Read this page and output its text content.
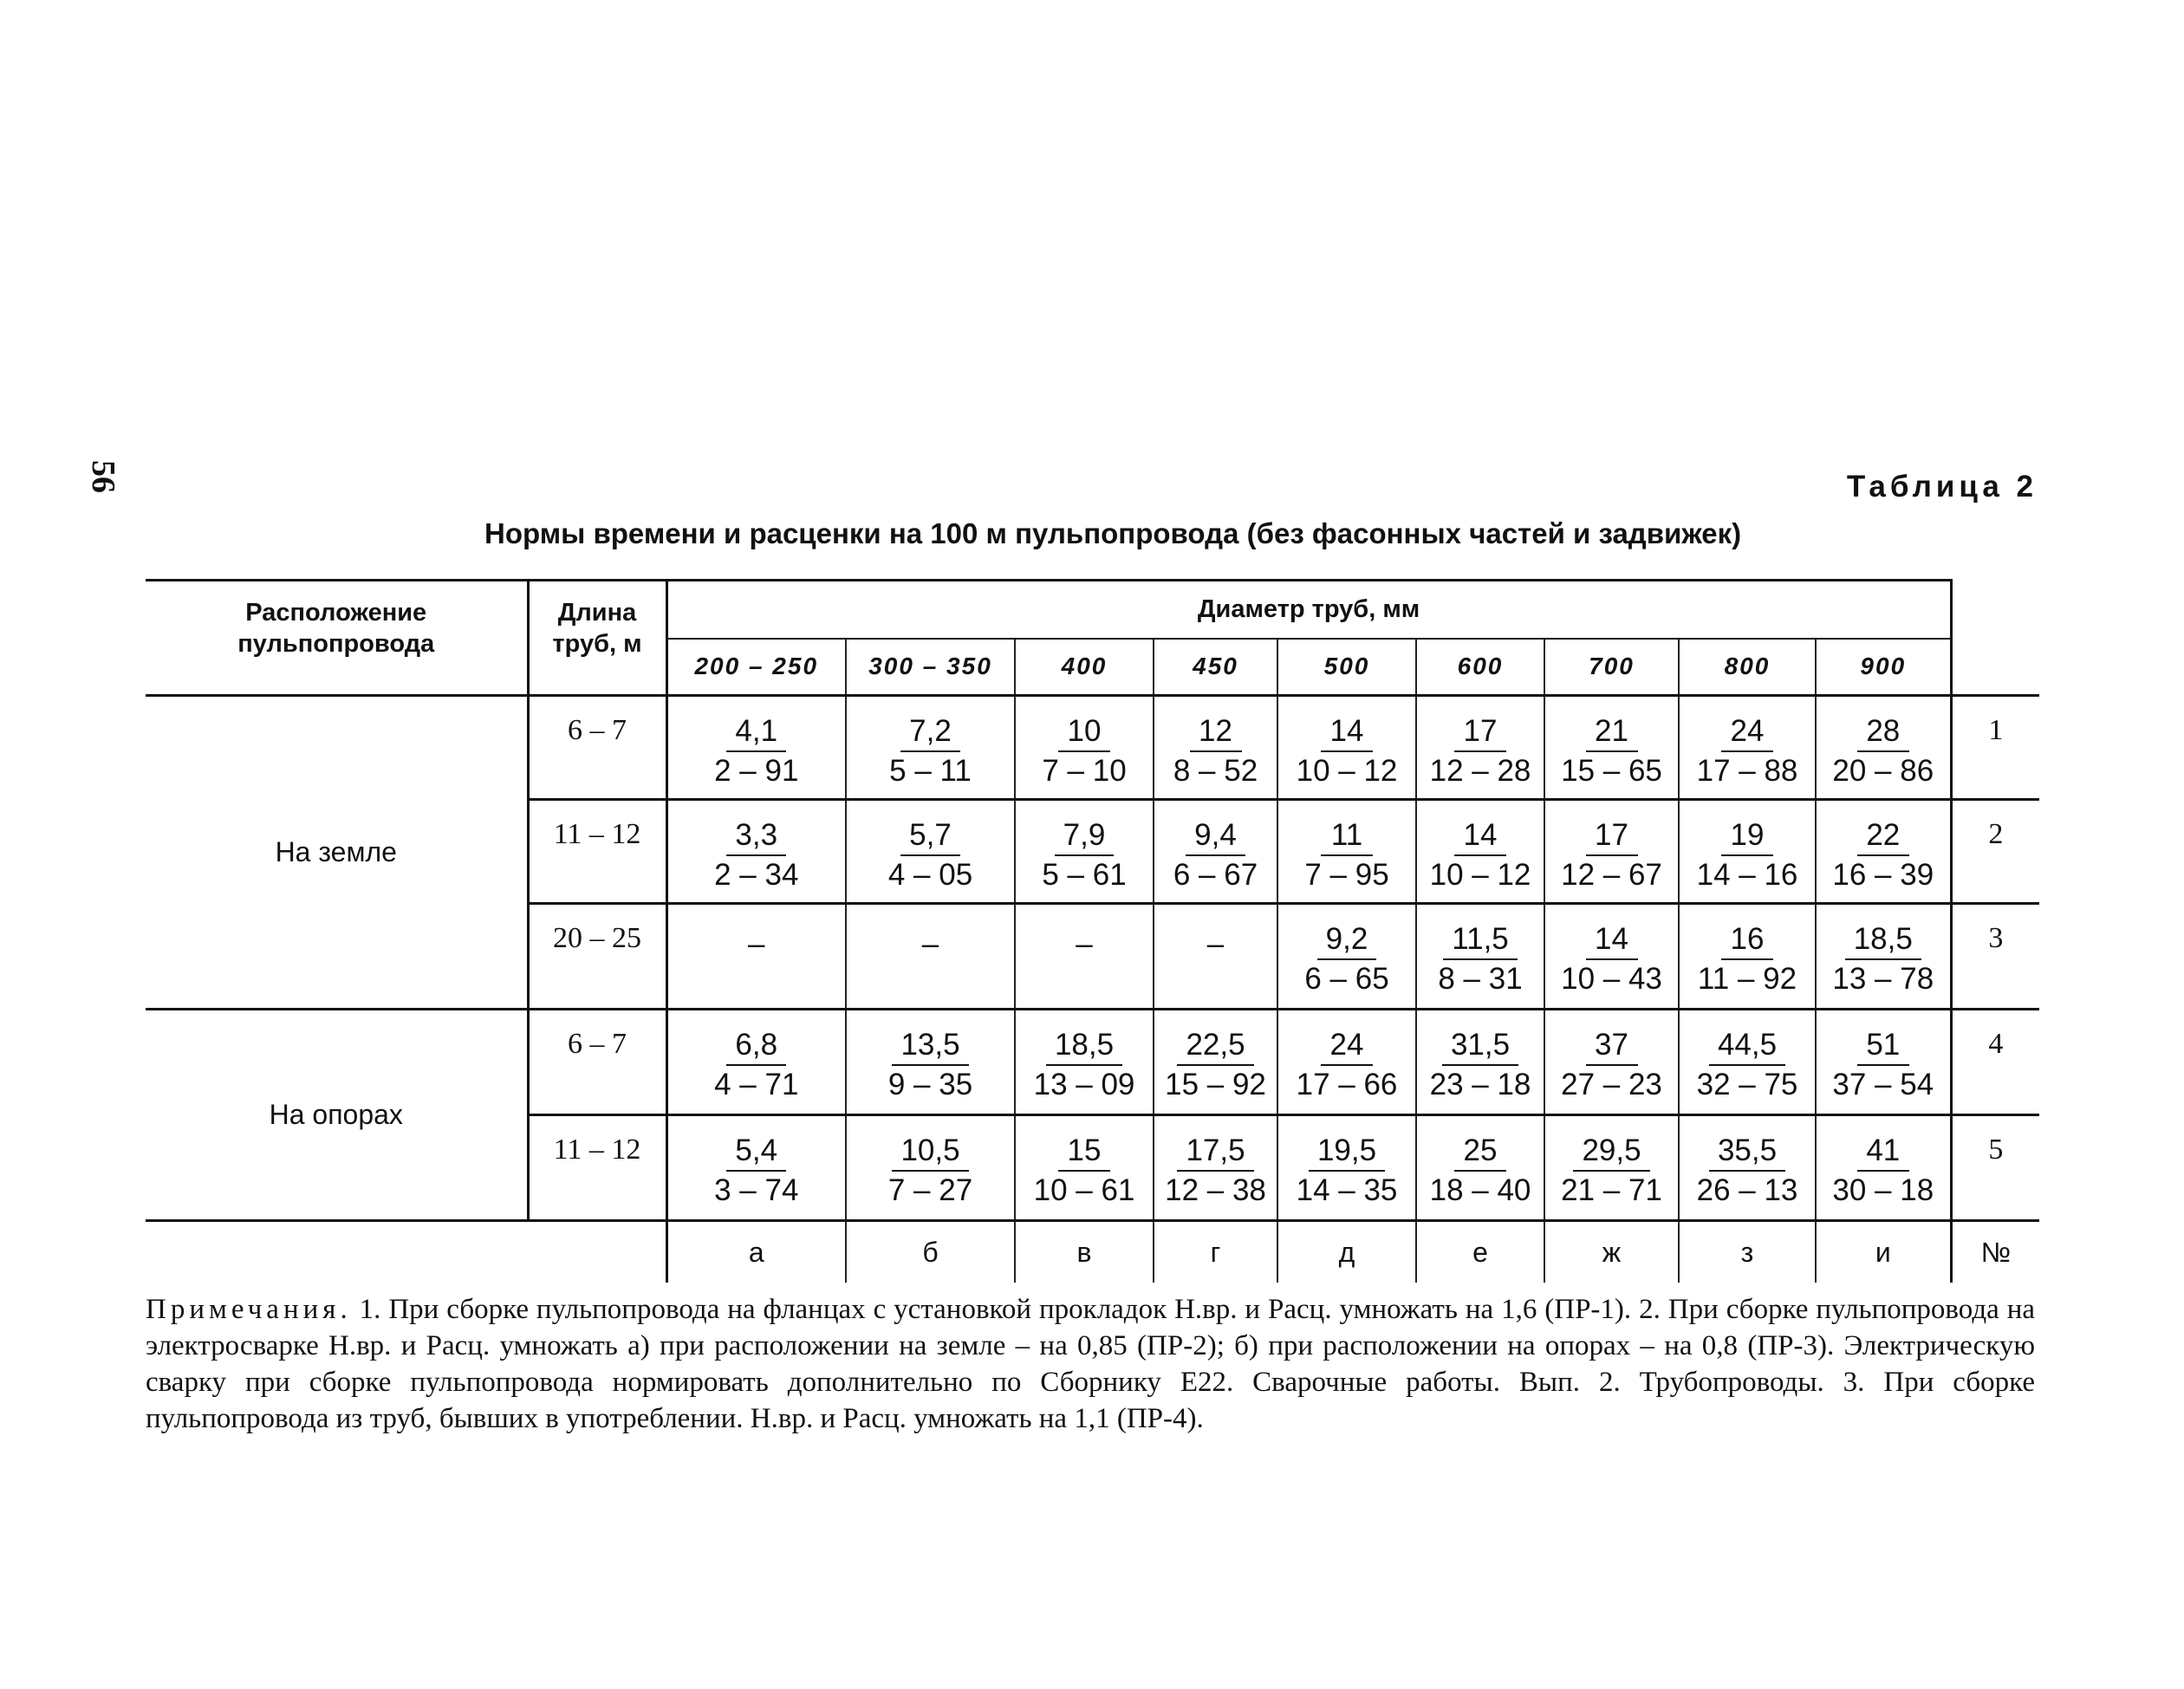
56	Таблица 2
Нормы времени и расценки на 100 м пульпопровода (без фасонных частей и задвижек)
Расположение пульпопровода	Длина труб, м	Диаметр труб, мм									
		200 – 250	300 – 350	400	450	500	600	700	800	900	
На земле	6 – 7	$\frac{4,1}{2 - 91}$	$\frac{7,2}{5 - 11}$	$\frac{10}{7 - 10}$	$\frac{12}{8 - 52}$	$\frac{14}{10 - 12}$	$\frac{17}{12 - 28}$	$\frac{21}{15 - 65}$	$\frac{24}{17 - 88}$	$\frac{28}{20 - 86}$	1
	11 – 12	$\frac{3,3}{2 - 34}$	$\frac{5,7}{4 - 05}$	$\frac{7,9}{5 - 61}$	$\frac{9,4}{6 - 67}$	$\frac{11}{7 - 95}$	$\frac{14}{10 - 12}$	$\frac{17}{12 - 67}$	$\frac{19}{14 - 16}$	$\frac{22}{16 - 39}$	2
	20 – 25	–	–	–	–	$\frac{9,2}{6 - 65}$	$\frac{11,5}{8 - 31}$	$\frac{14}{10 - 43}$	$\frac{16}{11 - 92}$	$\frac{18,5}{13 - 78}$	3
На опорах	6 – 7	$\frac{6,8}{4 - 71}$	$\frac{13,5}{9 - 35}$	$\frac{18,5}{13 - 09}$	$\frac{22,5}{15 - 92}$	$\frac{24}{17 - 66}$	$\frac{31,5}{23 - 18}$	$\frac{37}{27 - 23}$	$\frac{44,5}{32 - 75}$	$\frac{51}{37 - 54}$	4
	11 – 12	$\frac{5,4}{3 - 74}$	$\frac{10,5}{7 - 27}$	$\frac{15}{10 - 61}$	$\frac{17,5}{12 - 38}$	$\frac{19,5}{14 - 35}$	$\frac{25}{18 - 40}$	$\frac{29,5}{21 - 71}$	$\frac{35,5}{26 - 13}$	$\frac{41}{30 - 18}$	5
		а	б	в	г	д	е	ж	з	и	№
Примечания. 1. При сборке пульпопровода на фланцах с установкой прокладок Н.вр. и Расц. умножать на 1,6 (ПР-1). 2. При сборке пульпопровода на электросварке Н.вр. и Расц. умножать а) при расположении на земле – на 0,85 (ПР-2); б) при расположении на опорах – на 0,8 (ПР-3). Электрическую сварку при сборке пульпопровода нормировать дополнительно по Сборнику Е22. Сварочные работы. Вып. 2. Трубопроводы. 3. При сборке пульпопровода из труб, бывших в употреблении. Н.вр. и Расц. умножать на 1,1 (ПР-4).
